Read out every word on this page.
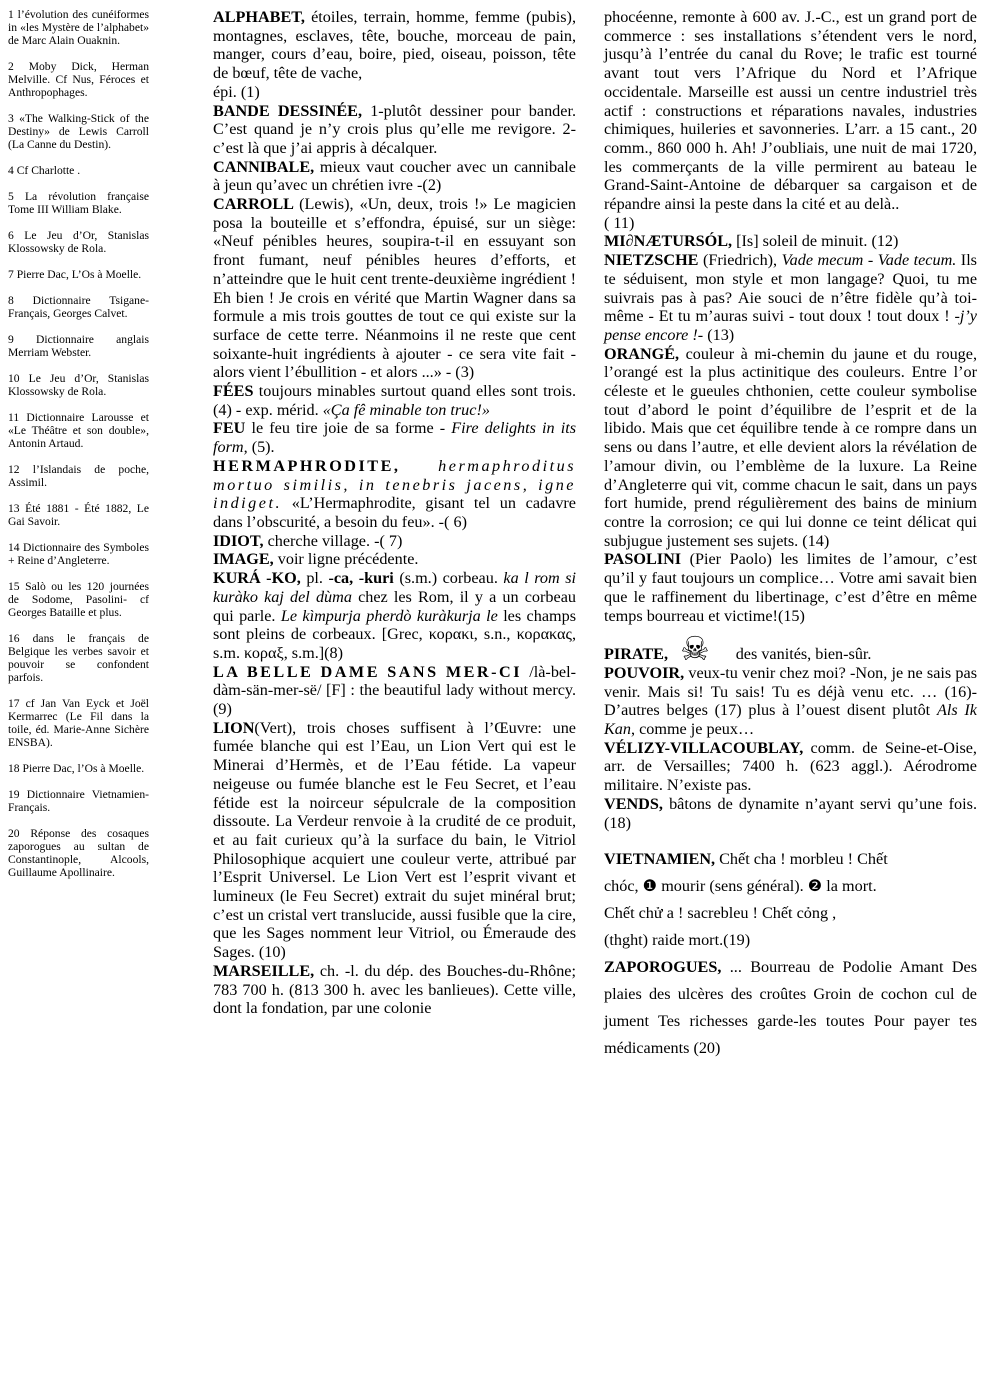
1 l’évolution des cunéiformes in «les Mystère de l’alphabet» de Marc Alain Ouaknin.

2 Moby Dick, Herman Melville. Cf Nus, Féroces et Anthropophages.

3 «The Walking-Stick of the Destiny» de Lewis Carroll (La Canne du Destin).

4 Cf Charlotte .

5 La révolution française Tome III William Blake.

6 Le Jeu d’Or, Stanislas Klossowsky de Rola.

7 Pierre Dac, L’Os à Moelle.

8 Dictionnaire Tsigane-Français, Georges Calvet.

9 Dictionnaire anglais Merriam Webster.

10 Le Jeu d’Or, Stanislas Klossowsky de Rola.

11 Dictionnaire Larousse et «Le Théâtre et son double», Antonin Artaud.

12 l’Islandais de poche, Assimil.

13 Été 1881 - Été 1882, Le Gai Savoir.

14 Dictionnaire des Symboles + Reine d’Angleterre.

15 Salò ou les 120 journées de Sodome, Pasolini- cf Georges Bataille et plus.

16 dans le français de Belgique les verbes savoir et pouvoir se confondent parfois.

17 cf Jan Van Eyck et Joël Kermarrec (Le Fil dans la toile, éd. Marie-Anne Sichère ENSBA).

18 Pierre Dac, l’Os à Moelle.

19 Dictionnaire Vietnamien-Français.

20 Réponse des cosaques zaporogues au sultan de Constantinople, Alcools, Guillaume Apollinaire.

ALPHABET, étoiles, terrain, homme, femme (pubis), montagnes, esclaves, tête, bouche, morceau de pain, manger, cours d’eau, boire, pied, oiseau, poisson, tête de bœuf, tête de vache,
épi. (1)

BANDE DESSINÉE, 1-plutôt dessiner pour bander. C’est quand je n’y crois plus qu’elle me revigore. 2-c’est là que j’ai appris à décalquer.

CANNIBALE, mieux vaut coucher avec un cannibale à jeun qu’avec un chrétien ivre -(2)

CARROLL (Lewis), «Un, deux, trois !» Le magicien posa la bouteille et s’effondra, épuisé, sur un siège: «Neuf pénibles heures, soupira-t-il en essuyant son front fumant, neuf pénibles heures d’efforts, et n’atteindre que le huit cent trente-deuxième ingrédient ! Eh bien ! Je crois en vérité que Martin Wagner dans sa formule a mis trois gouttes de tout ce qui existe sur la surface de cette terre. Néanmoins il ne reste que cent soixante-huit ingrédients à ajouter - ce sera vite fait - alors vient l’ébullition - et alors ...» - (3)

FÉES toujours minables surtout quand elles sont trois. (4) - exp. mérid. «Ça fê minable ton truc!»

FEU le feu tire joie de sa forme - Fire delights in its form, (5).

HERMAPHRODITE, hermaphroditus mortuo similis, in tenebris jacens, igne indiget. «L’Hermaphrodite, gisant tel un cadavre dans l’obscurité, a besoin du feu». -( 6)

IDIOT, cherche village. -( 7)

IMAGE, voir ligne précédente.

KURÁ -KO, pl. -ca, -kuri (s.m.) corbeau. ka l rom si kuràko kaj del dùma chez les Rom, il y a un corbeau qui parle. Le kìmpurja pherdò kuràkurja le les champs sont pleins de corbeaux. [Grec, κορακι, s.n., κορακας, s.m. κοραξ, s.m.](8)

LA BELLE DAME SANS MER-CI /là-bel-dàm-sän-mer-së/ [F] : the beautiful lady without mercy.(9)

LION(Vert), trois choses suffisent à l’Œuvre: une fumée blanche qui est l’Eau, un Lion Vert qui est le Minerai d’Hermès, et de l’Eau fétide. La vapeur neigeuse ou fumée blanche est le Feu Secret, et l’eau fétide est la noirceur sépulcrale de la composition dissoute. La Verdeur renvoie à la crudité de ce produit, et au fait curieux qu’à la surface du bain, le Vitriol Philosophique acquiert une couleur verte, attribué par l’Esprit Universel. Le Lion Vert est l’esprit vivant et lumineux (le Feu Secret) extrait du sujet minéral brut; c’est un cristal vert translucide, aussi fusible que la cire, que les Sages nomment leur Vitriol, ou Émeraude des Sages. (10)

MARSEILLE, ch. -l. du dép. des Bouches-du-Rhône; 783 700 h. (813 300 h. avec les banlieues). Cette ville, dont la fondation, par une colonie

phocéenne, remonte à 600 av. J.-C., est un grand port de commerce : ses installations s’étendent vers le nord, jusqu’à l’entrée du canal du Rove; le trafic est tourné avant tout vers l’Afrique du Nord et l’Afrique occidentale. Marseille est aussi un centre industriel très actif : constructions et réparations navales, industries chimiques, huileries et savonneries. L’arr. a 15 cant., 20 comm., 860 000 h. Ah! J’oubliais, une nuit de mai 1720, les commerçants de la ville permirent au bateau le Grand-Saint-Antoine de débarquer sa cargaison et de répandre ainsi la peste dans la cité et au delà..
( 11)

MI∂NÆTURSÓL, [Is] soleil de minuit. (12)

NIETZSCHE (Friedrich), Vade mecum - Vade tecum. Ils te séduisent, mon style et mon langage? Quoi, tu me suivrais pas à pas? Aie souci de n’être fidèle qu’à toi-même - Et tu m’auras suivi - tout doux ! tout doux ! -j’y pense encore !- (13)

ORANGÉ, couleur à mi-chemin du jaune et du rouge, l’orangé est la plus actinitique des couleurs. Entre l’or céleste et le gueules chthonien, cette couleur symbolise tout d’abord le point d’équilibre de l’esprit et de la libido. Mais que cet équilibre tende à ce rompre dans un sens ou dans l’autre, et elle devient alors la révélation de l’amour divin, ou l’emblème de la luxure. La Reine d’Angleterre qui vit, comme chacun le sait, dans un pays fort humide, prend régulièrement des bains de minium contre la corrosion; ce qui lui donne ce teint délicat qui subjugue justement ses sujets. (14)

PASOLINI (Pier Paolo) les limites de l’amour, c’est qu’il y faut toujours un complice… Votre ami savait bien que le raffinement du libertinage, c’est d’être en même temps bourreau et victime!(15)

PIRATE, ☠ des vanités, bien-sûr.

POUVOIR, veux-tu venir chez moi? -Non, je ne sais pas venir. Mais si! Tu sais! Tu es déjà venu etc. … (16)- D’autres belges (17) plus à l’ouest disent plutôt Als Ik Kan, comme je peux…

VÉLIZY-VILLACOUBLAY, comm. de Seine-et-Oise, arr. de Versailles; 7400 h. (623 aggl.). Aérodrome militaire. N’existe pas.

VENDS, bâtons de dynamite n’ayant servi qu’une fois. (18)

VIETNAMIEN, Chết cha ! morbleu ! Chết
chóc, ❶ mourir (sens général). ❷ la mort.
Chết chử a ! sacrebleu ! Chết cỏng ,
(thght) raide mort.(19)

ZAPOROGUES, ... Bourreau de Podolie Amant Des plaies des ulcères des croûtes Groin de cochon cul de jument Tes richesses garde-les toutes Pour payer tes médicaments (20)
